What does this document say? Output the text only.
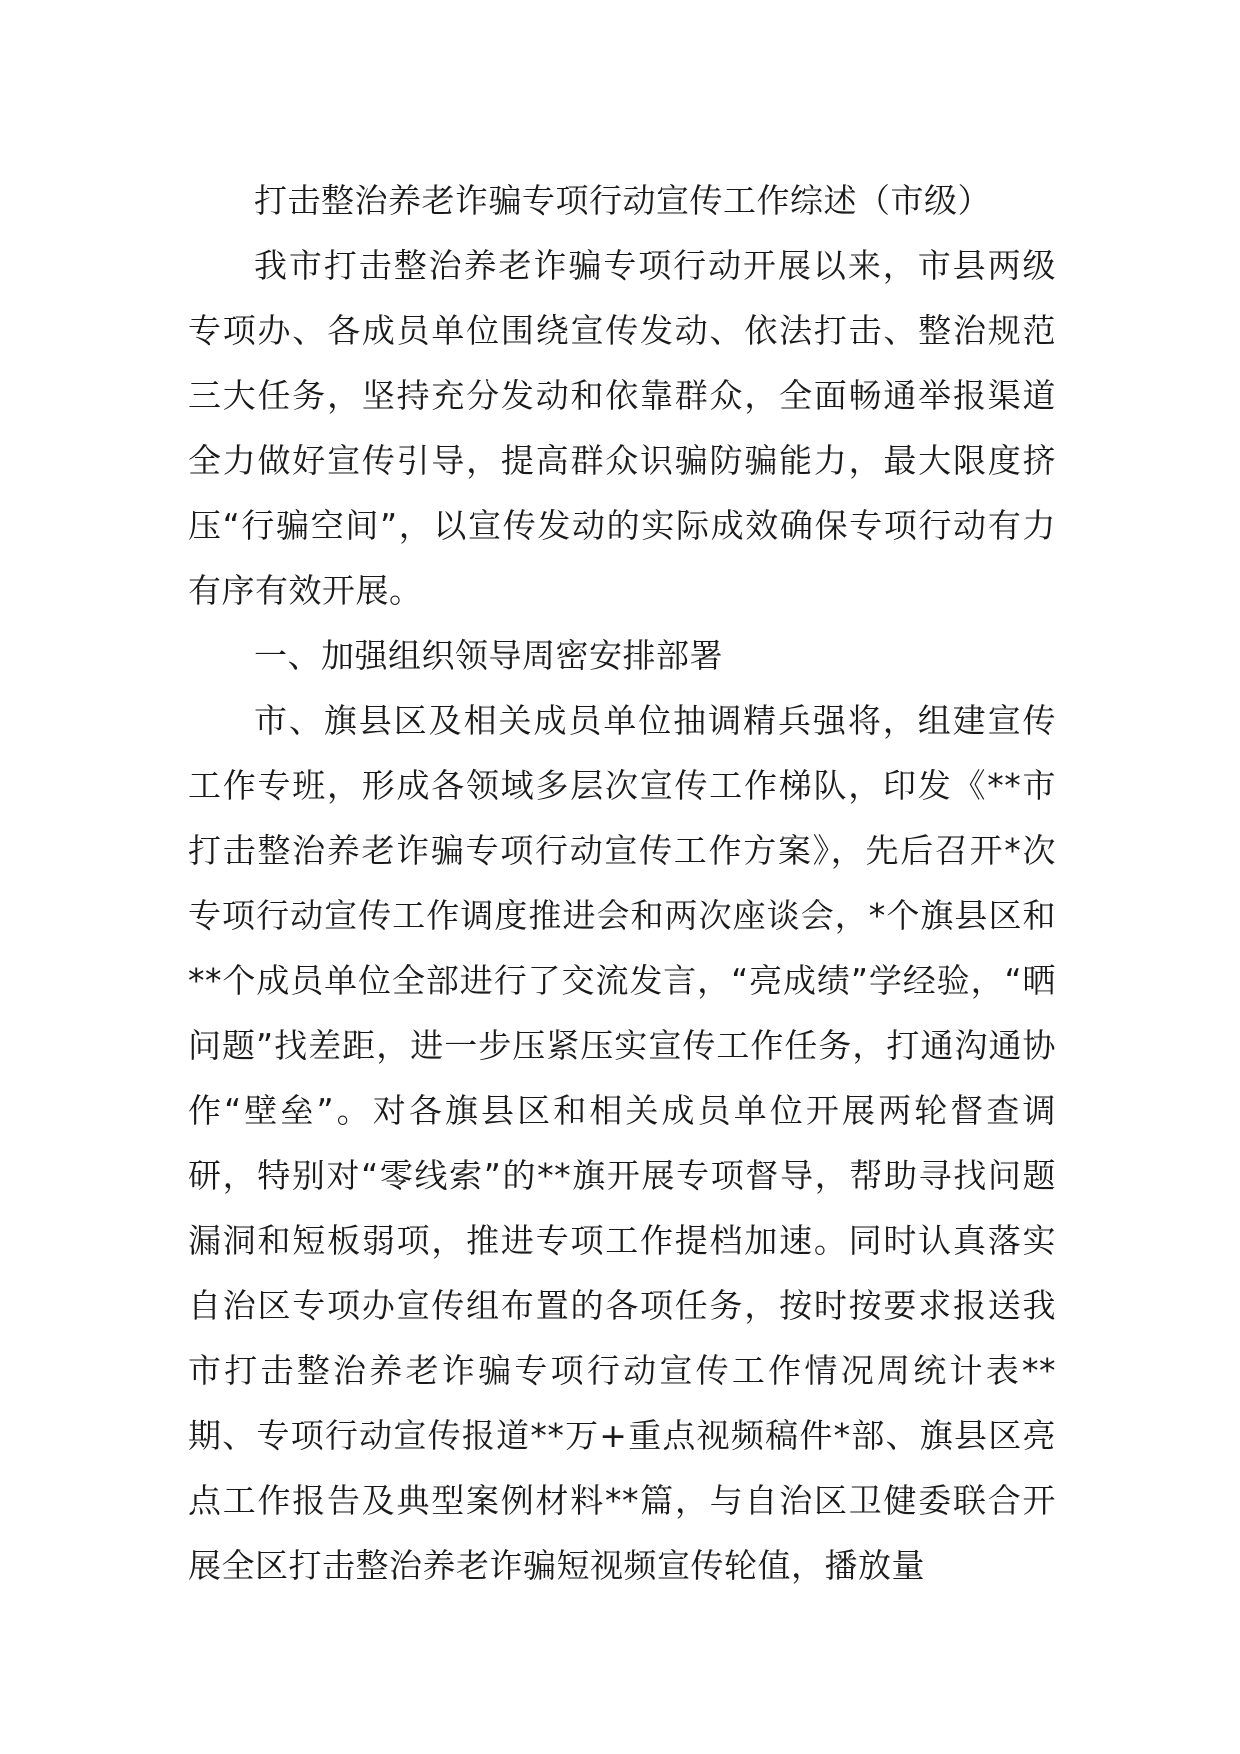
打击整治养老诈骗专项行动宣传工作综述（市级）

我市打击整治养老诈骗专项行动开展以来，市县两级专项办、各成员单位围绕宣传发动、依法打击、整治规范三大任务，坚持充分发动和依靠群众，全面畅通举报渠道全力做好宣传引导，提高群众识骗防骗能力，最大限度挤压“行骗空间”，以宣传发动的实际成效确保专项行动有力有序有效开展。

一、加强组织领导周密安排部署

市、旗县区及相关成员单位抽调精兵强将，组建宣传工作专班，形成各领域多层次宣传工作梯队，印发《**市打击整治养老诈骗专项行动宣传工作方案》，先后召开*次专项行动宣传工作调度推进会和两次座谈会，*个旗县区和**个成员单位全部进行了交流发言，“亮成绩”学经验，“晒问题”找差距，进一步压紧压实宣传工作任务，打通沟通协作“壁垒”。对各旗县区和相关成员单位开展两轮督查调研，特别对“零线索”的**旗开展专项督导，帮助寻找问题漏洞和短板弱项，推进专项工作提档加速。同时认真落实自治区专项办宣传组布置的各项任务，按时按要求报送我市打击整治养老诈骗专项行动宣传工作情况周统计表**期、专项行动宣传报道**万+重点视频稿件*部、旗县区亮点工作报告及典型案例材料**篇，与自治区卫健委联合开展全区打击整治养老诈骗短视频宣传轮值，播放量
